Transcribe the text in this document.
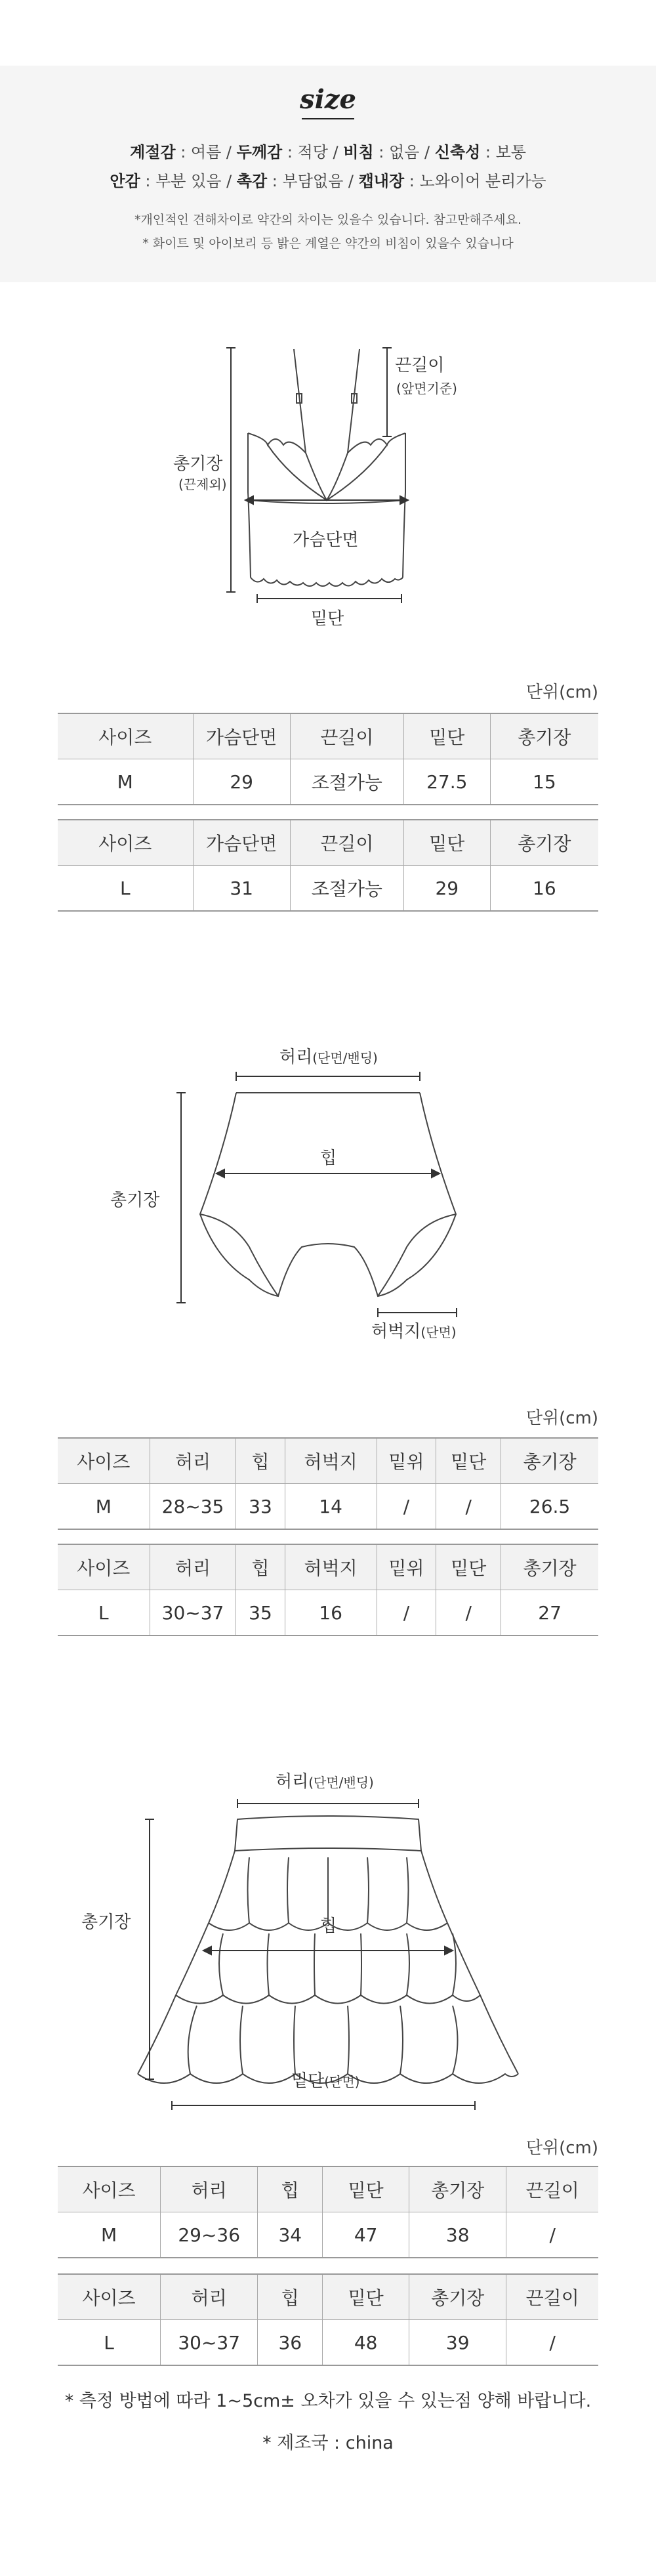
size
계절감 : 여름 / 두께감 : 적당 / 비침 : 없음 / 신축성 : 보통
안감 : 부분 있음 / 촉감 : 부담없음 / 캡내장 : 노와이어 분리가능
*개인적인 견해차이로 약간의 차이는 있을수 있습니다. 참고만해주세요.
* 화이트 및 아이보리 등 밝은 계열은 약간의 비침이 있을수 있습니다
끈길이
(앞면기준)
총기장
(끈제외)
가슴단면
밑단
단위(cm)
사이즈	가슴단면	끈길이	밑단	총기장
M	29	조절가능	27.5	15
사이즈	가슴단면	끈길이	밑단	총기장
L	31	조절가능	29	16
허리(단면/밴딩)
힙
총기장
허벅지(단면)
단위(cm)
사이즈	허리	힙	허벅지	밑위	밑단	총기장
M	28~35	33	14	/	/	26.5
사이즈	허리	힙	허벅지	밑위	밑단	총기장
L	30~37	35	16	/	/	27
허리(단면/밴딩)
힙
총기장
밑단(단면)
단위(cm)
사이즈	허리	힙	밑단	총기장	끈길이
M	29~36	34	47	38	/
사이즈	허리	힙	밑단	총기장	끈길이
L	30~37	36	48	39	/
* 측정 방법에 따라 1~5cm± 오차가 있을 수 있는점 양해 바랍니다.
* 제조국 : china
